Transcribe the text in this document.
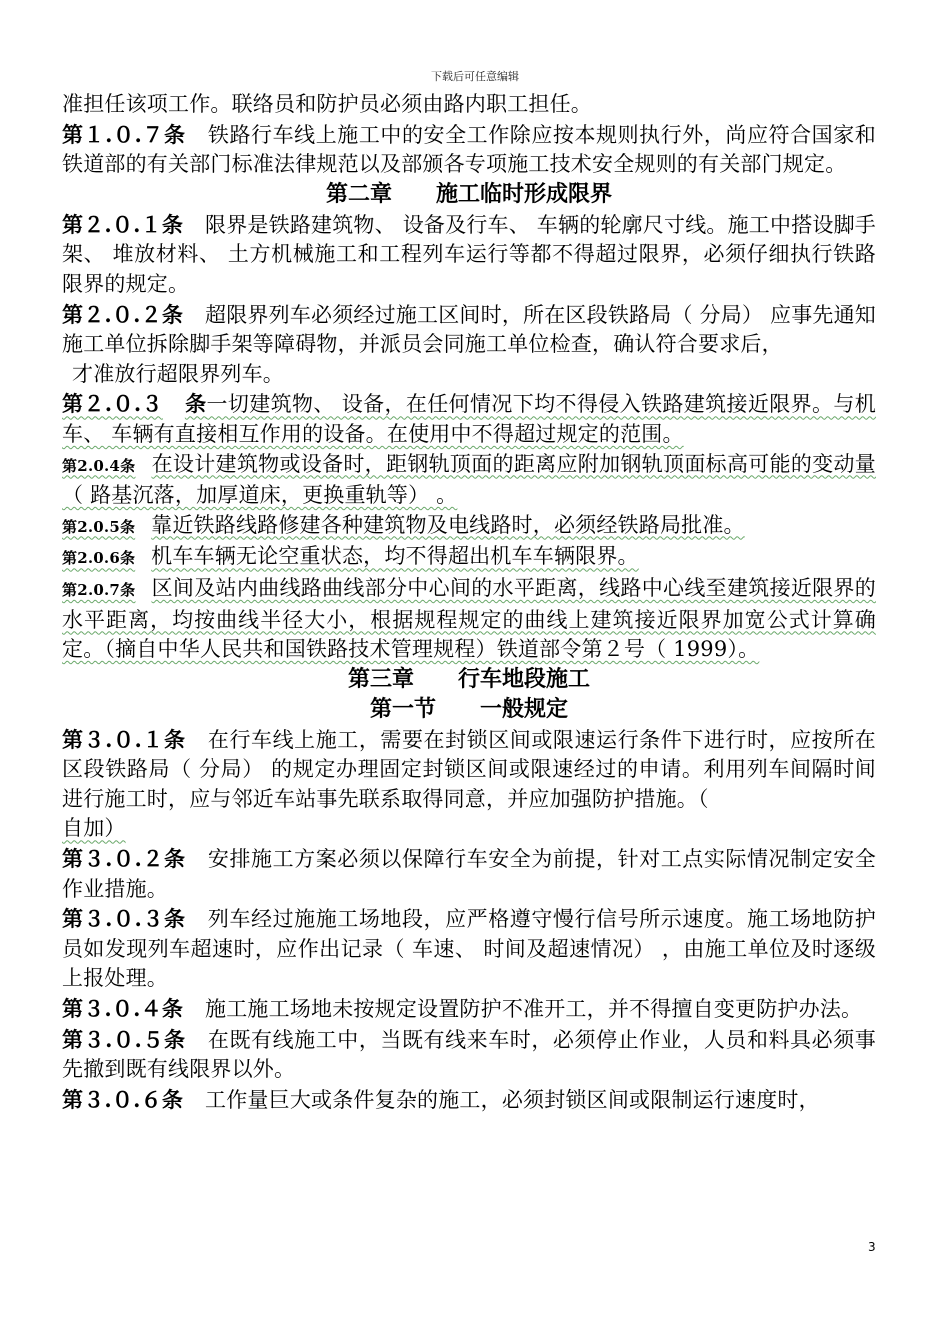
下载后可任意编辑

准担任该项工作。联络员和防护员必须由路内职工担任。

第１.０.７条 铁路行车线上施工中的安全工作除应按本规则执行外，尚应符合国家和铁道部的有关部门标准法律规范以及部颁各专项施工技术安全规则的有关部门规定。

第二章 施工临时形成限界

第２.０.１条 限界是铁路建筑物、 设备及行车、 车辆的轮廓尺寸线。施工中搭设脚手架、 堆放材料、 土方机械施工和工程列车运行等都不得超过限界，必须仔细执行铁路限界的规定。

第２.０.２条 超限界列车必须经过施工区间时，所在区段铁路局（ 分局） 应事先通知施工单位拆除脚手架等障碍物，并派员会同施工单位检查，确认符合要求后，
才准放行超限界列车。

第２.０.３ 条一切建筑物、 设备，在任何情况下均不得侵入铁路建筑接近限界。与机车、 车辆有直接相互作用的设备。在使用中不得超过规定的范围。

第2.0.4条 在设计建筑物或设备时，距钢轨顶面的距离应附加钢轨顶面标高可能的变动量（ 路基沉落，加厚道床，更换重轨等） 。

第2.0.5条 靠近铁路线路修建各种建筑物及电线路时，必须经铁路局批准。

第2.0.6条 机车车辆无论空重状态，均不得超出机车车辆限界。

第2.0.7条 区间及站内曲线路曲线部分中心间的水平距离，线路中心线至建筑接近限界的水平距离，均按曲线半径大小，根据规程规定的曲线上建筑接近限界加宽公式计算确定。（摘自中华人民共和国铁路技术管理规程）铁道部令第２号（ 1999）。

第三章 行车地段施工

第一节 一般规定

第３.０.１条 在行车线上施工，需要在封锁区间或限速运行条件下进行时，应按所在区段铁路局（ 分局） 的规定办理固定封锁区间或限速经过的申请。利用列车间隔时间进行施工时，应与邻近车站事先联系取得同意，并应加强防护措施。（
自加）

第３.０.２条 安排施工方案必须以保障行车安全为前提，针对工点实际情况制定安全作业措施。

第３.０.３条 列车经过施施工场地段，应严格遵守慢行信号所示速度。施工场地防护员如发现列车超速时，应作出记录（ 车速、 时间及超速情况） ，由施工单位及时逐级上报处理。

第３.０.４条 施工施工场地未按规定设置防护不准开工，并不得擅自变更防护办法。

第３.０.５条 在既有线施工中，当既有线来车时，必须停止作业，人员和料具必须事先撤到既有线限界以外。

第３.０.６条 工作量巨大或条件复杂的施工，必须封锁区间或限制运行速度时，

3
